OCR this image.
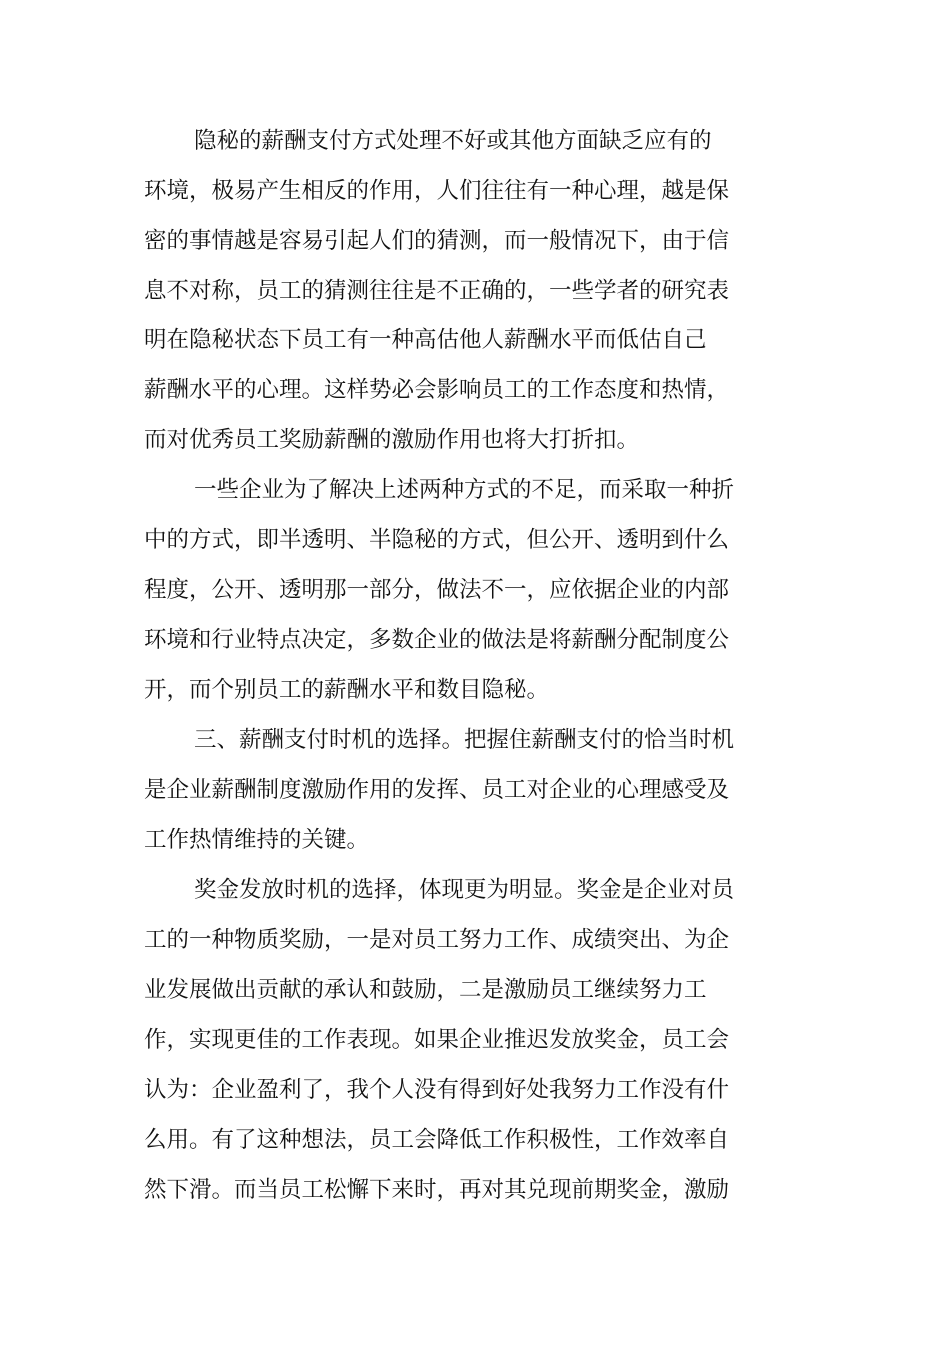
隐秘的薪酬支付方式处理不好或其他方面缺乏应有的
环境，极易产生相反的作用，人们往往有一种心理，越是保
密的事情越是容易引起人们的猜测，而一般情况下，由于信
息不对称，员工的猜测往往是不正确的，一些学者的研究表
明在隐秘状态下员工有一种高估他人薪酬水平而低估自己
薪酬水平的心理。这样势必会影响员工的工作态度和热情，
而对优秀员工奖励薪酬的激励作用也将大打折扣。
一些企业为了解决上述两种方式的不足，而采取一种折
中的方式，即半透明、半隐秘的方式，但公开、透明到什么
程度，公开、透明那一部分，做法不一，应依据企业的内部
环境和行业特点决定，多数企业的做法是将薪酬分配制度公
开，而个别员工的薪酬水平和数目隐秘。
三、薪酬支付时机的选择。把握住薪酬支付的恰当时机
是企业薪酬制度激励作用的发挥、员工对企业的心理感受及
工作热情维持的关键。
奖金发放时机的选择，体现更为明显。奖金是企业对员
工的一种物质奖励，一是对员工努力工作、成绩突出、为企
业发展做出贡献的承认和鼓励，二是激励员工继续努力工
作，实现更佳的工作表现。如果企业推迟发放奖金，员工会
认为：企业盈利了，我个人没有得到好处我努力工作没有什
么用。有了这种想法，员工会降低工作积极性，工作效率自
然下滑。而当员工松懈下来时，再对其兑现前期奖金，激励
